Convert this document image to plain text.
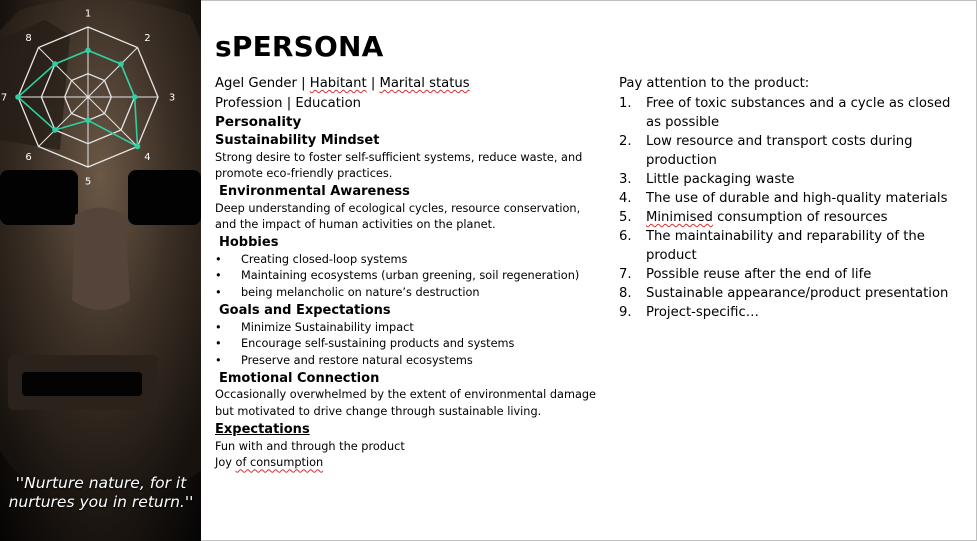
1
2
3
4
5
6
7
8
''Nurture nature, for it nurtures you in return.''
sPERSONA
Agel Gender | Habitant | Marital status
Profession | Education
Personality
Sustainability Mindset
Strong desire to foster self-sufficient systems, reduce waste, and promote eco-friendly practices.
Environmental Awareness
Deep understanding of ecological cycles, resource conservation, and the impact of human activities on the planet.
Hobbies
• Creating closed-loop systems
• Maintaining ecosystems (urban greening, soil regeneration)
• being melancholic on nature’s destruction
Goals and Expectations
• Minimize Sustainability impact
• Encourage self-sustaining products and systems
• Preserve and restore natural ecosystems
Emotional Connection
Occasionally overwhelmed by the extent of environmental damage but motivated to drive change through sustainable living.
Expectations
Fun with and through the product
Joy of consumption
Pay attention to the product:
1. Free of toxic substances and a cycle as closed as possible
2. Low resource and transport costs during production
3. Little packaging waste
4. The use of durable and high-quality materials
5. Minimised consumption of resources
6. The maintainability and reparability of the product
7. Possible reuse after the end of life
8. Sustainable appearance/product presentation
9. Project-specific…
